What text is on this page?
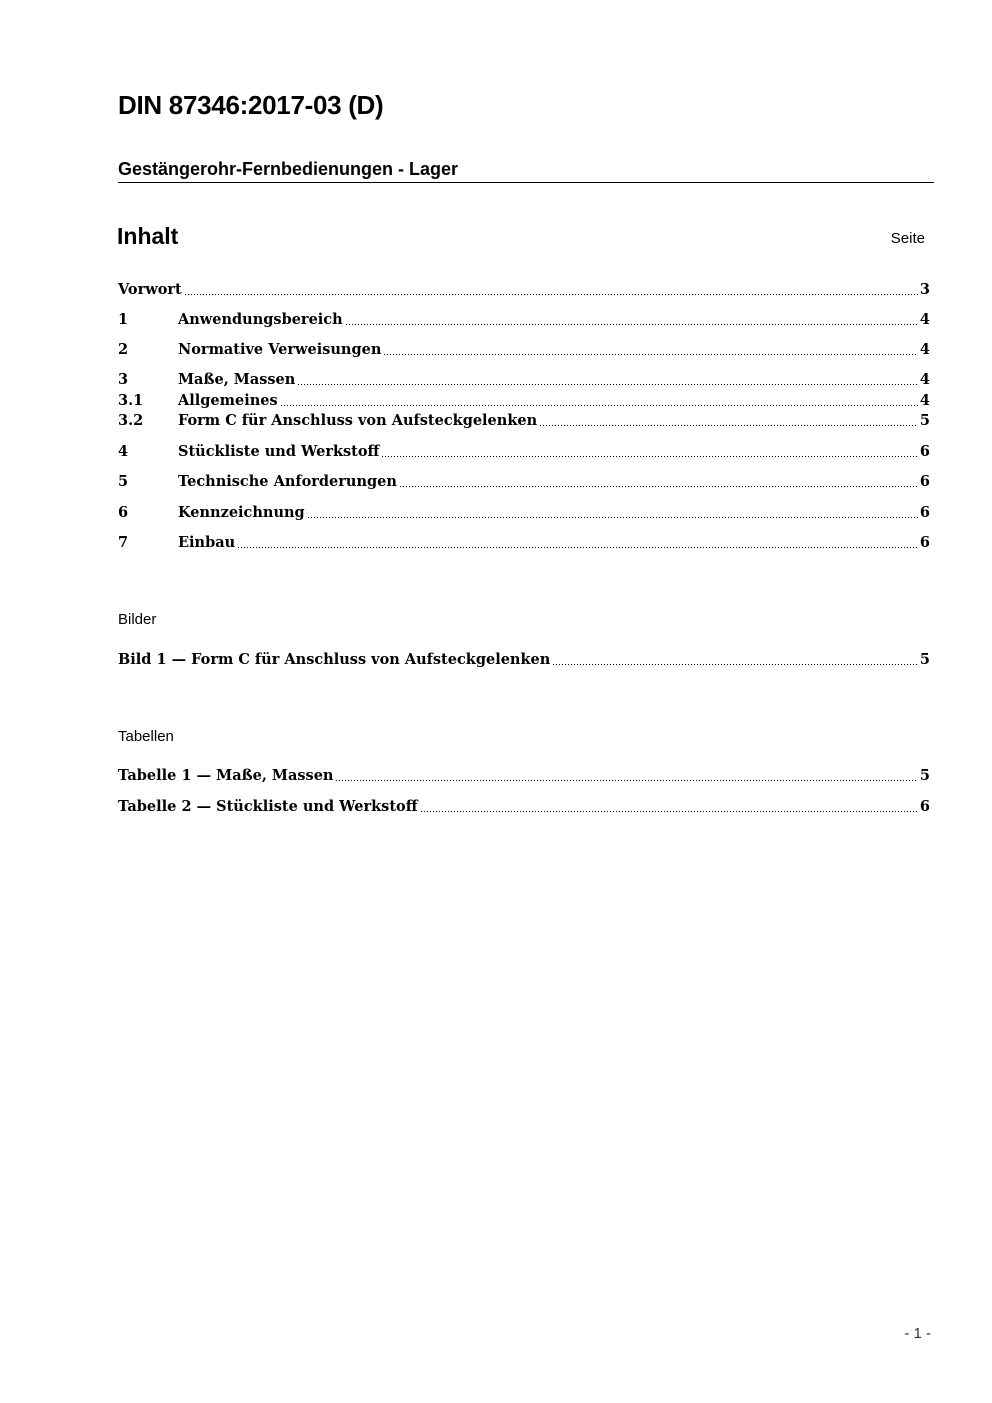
DIN 87346:2017-03 (D)
Gestängerohr-Fernbedienungen - Lager
Inhalt	Seite
Vorwort	3
1	Anwendungsbereich	4
2	Normative Verweisungen	4
3	Maße, Massen	4
3.1	Allgemeines	4
3.2	Form C für Anschluss von Aufsteckgelenken	5
4	Stückliste und Werkstoff	6
5	Technische Anforderungen	6
6	Kennzeichnung	6
7	Einbau	6
Bilder
Bild 1 — Form C für Anschluss von Aufsteckgelenken	5
Tabellen
Tabelle 1 — Maße, Massen	5
Tabelle 2 — Stückliste und Werkstoff	6
- 1 -
